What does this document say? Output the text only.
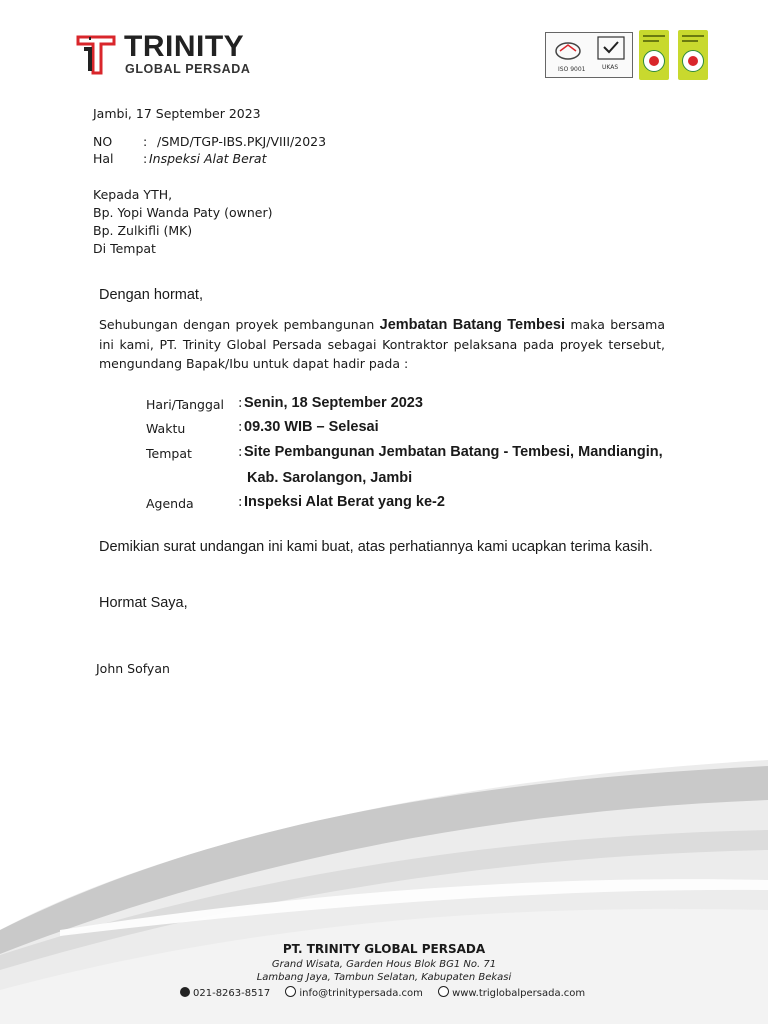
TRINITY
GLOBAL PERSADA	ISO 9001	UKAS
Jambi, 17 September 2023
NO : /SMD/TGP-IBS.PKJ/VIII/2023
Hal : Inspeksi Alat Berat
Kepada YTH,
Bp. Yopi Wanda Paty (owner)
Bp. Zulkifli (MK)
Di Tempat
Dengan hormat,
Sehubungan dengan proyek pembangunan Jembatan Batang Tembesi maka bersama ini kami, PT. Trinity Global Persada sebagai Kontraktor pelaksana pada proyek tersebut, mengundang Bapak/Ibu untuk dapat hadir pada :
Hari/Tanggal : Senin, 18 September 2023
Waktu	: 09.30 WIB – Selesai
Tempat	: Site Pembangunan Jembatan Batang - Tembesi, Mandiangin,
Kab. Sarolangon, Jambi
Agenda	: Inspeksi Alat Berat yang ke-2
Demikian surat undangan ini kami buat, atas perhatiannya kami ucapkan terima kasih.
Hormat Saya,
John Sofyan
PT. TRINITY GLOBAL PERSADA
Grand Wisata, Garden Hous Blok BG1 No. 71
Lambang Jaya, Tambun Selatan, Kabupaten Bekasi
021-8263-8517	info@trinitypersada.com	www.triglobalpersada.com
